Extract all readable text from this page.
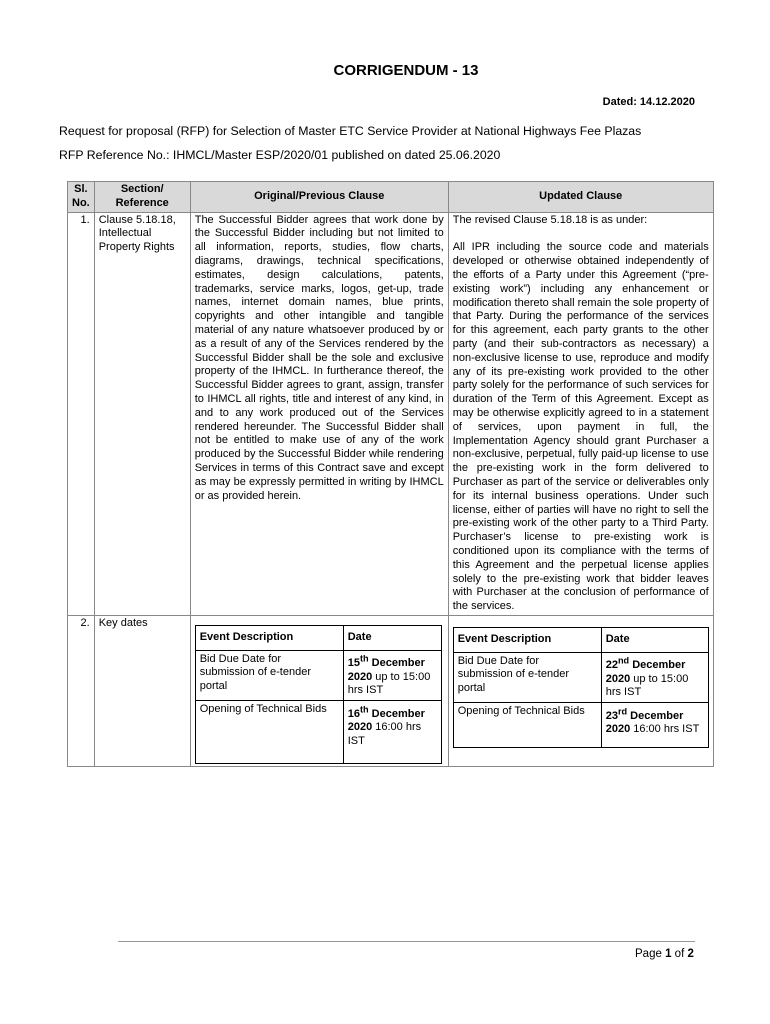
CORRIGENDUM - 13
Dated: 14.12.2020
Request for proposal (RFP) for Selection of Master ETC Service Provider at National Highways Fee Plazas
RFP Reference No.: IHMCL/Master ESP/2020/01 published on dated 25.06.2020
Sl. No.	Section/ Reference	Original/Previous Clause	Updated Clause
1.	Clause 5.18.18, Intellectual Property Rights	The Successful Bidder agrees that work done by the Successful Bidder including but not limited to all information, reports, studies, flow charts, diagrams, drawings, technical specifications, estimates, design calculations, patents, trademarks, service marks, logos, get-up, trade names, internet domain names, blue prints, copyrights and other intangible and tangible material of any nature whatsoever produced by or as a result of any of the Services rendered by the Successful Bidder shall be the sole and exclusive property of the IHMCL. In furtherance thereof, the Successful Bidder agrees to grant, assign, transfer to IHMCL all rights, title and interest of any kind, in and to any work produced out of the Services rendered hereunder. The Successful Bidder shall not be entitled to make use of any of the work produced by the Successful Bidder while rendering Services in terms of this Contract save and except as may be expressly permitted in writing by IHMCL or as provided herein.	
The revised Clause 5.18.18 is as under:
All IPR including the source code and materials developed or otherwise obtained independently of the efforts of a Party under this Agreement (“pre-existing work”) including any enhancement or modification thereto shall remain the sole property of that Party. During the performance of the services for this agreement, each party grants to the other party (and their sub-contractors as necessary) a non-exclusive license to use, reproduce and modify any of its pre-existing work provided to the other party solely for the performance of such services for duration of the Term of this Agreement. Except as may be otherwise explicitly agreed to in a statement of services, upon payment in full, the Implementation Agency should grant Purchaser a non-exclusive, perpetual, fully paid-up license to use the pre-existing work in the form delivered to Purchaser as part of the service or deliverables only for its internal business operations. Under such license, either of parties will have no right to sell the pre-existing work of the other party to a Third Party. Purchaser’s license to pre-existing work is conditioned upon its compliance with the terms of this Agreement and the perpetual license applies solely to the pre-existing work that bidder leaves with Purchaser at the conclusion of performance of the services.

2.	Key dates	
Event Description	Date
Bid Due Date for submission of e-tender portal	15th December 2020 up to 15:00 hrs IST
Opening of Technical Bids	16th December 2020 16:00 hrs IST

Event Description	Date
Bid Due Date for submission of e-tender portal	22nd December 2020 up to 15:00 hrs IST
Opening of Technical Bids	23rd December 2020 16:00 hrs IST
Page 1 of 2
